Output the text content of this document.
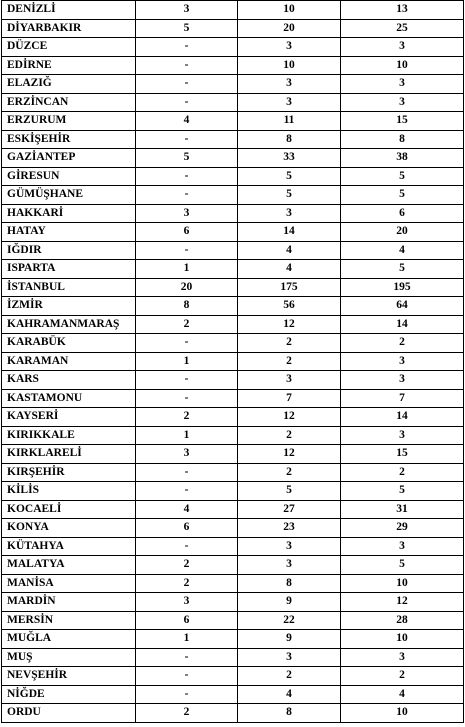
DENİZLİ	3	10	13
DİYARBAKIR	5	20	25
DÜZCE	-	3	3
EDİRNE	-	10	10
ELAZIĞ	-	3	3
ERZİNCAN	-	3	3
ERZURUM	4	11	15
ESKİŞEHİR	-	8	8
GAZİANTEP	5	33	38
GİRESUN	-	5	5
GÜMÜŞHANE	-	5	5
HAKKARİ	3	3	6
HATAY	6	14	20
IĞDIR	-	4	4
ISPARTA	1	4	5
İSTANBUL	20	175	195
İZMİR	8	56	64
KAHRAMANMARAŞ	2	12	14
KARABÜK	-	2	2
KARAMAN	1	2	3
KARS	-	3	3
KASTAMONU	-	7	7
KAYSERİ	2	12	14
KIRIKKALE	1	2	3
KIRKLARELİ	3	12	15
KIRŞEHİR	-	2	2
KİLİS	-	5	5
KOCAELİ	4	27	31
KONYA	6	23	29
KÜTAHYA	-	3	3
MALATYA	2	3	5
MANİSA	2	8	10
MARDİN	3	9	12
MERSİN	6	22	28
MUĞLA	1	9	10
MUŞ	-	3	3
NEVŞEHİR	-	2	2
NİĞDE	-	4	4
ORDU	2	8	10
